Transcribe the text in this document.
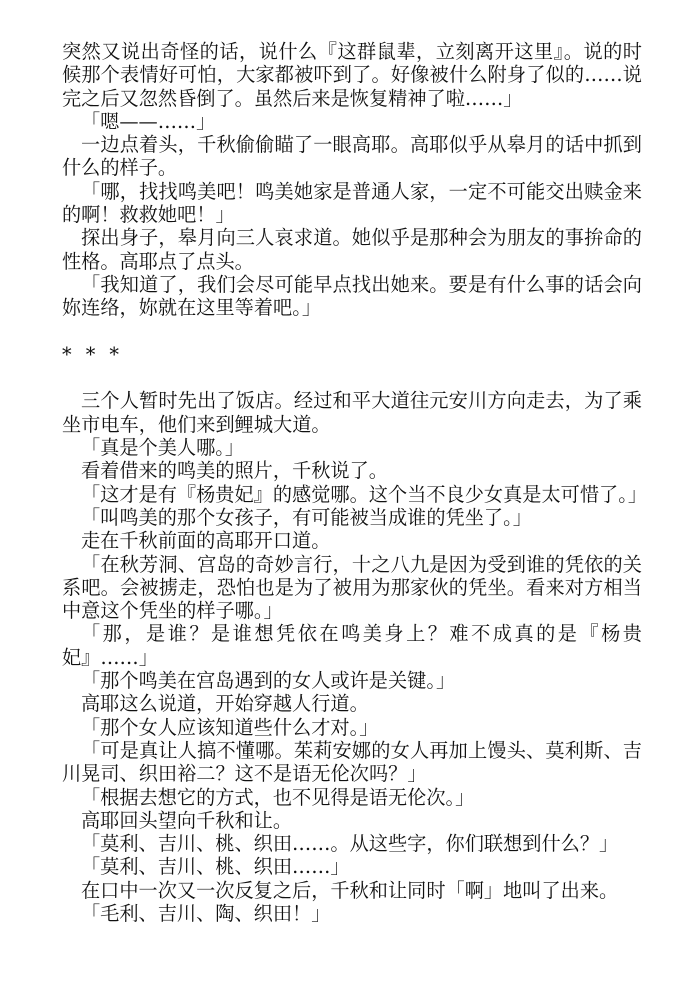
突然又说出奇怪的话，说什么『这群鼠辈，立刻离开这里』。说的时候那个表情好可怕，大家都被吓到了。好像被什么附身了似的……说完之后又忽然昏倒了。虽然后来是恢复精神了啦……」

「嗯——……」

一边点着头，千秋偷偷瞄了一眼高耶。高耶似乎从皋月的话中抓到什么的样子。

「哪，找找鸣美吧！鸣美她家是普通人家，一定不可能交出赎金来的啊！救救她吧！」

探出身子，皋月向三人哀求道。她似乎是那种会为朋友的事拚命的性格。高耶点了点头。

「我知道了，我们会尽可能早点找出她来。要是有什么事的话会向妳连络，妳就在这里等着吧。」

* * *

三个人暂时先出了饭店。经过和平大道往元安川方向走去，为了乘坐市电车，他们来到鲤城大道。

「真是个美人哪。」

看着借来的鸣美的照片，千秋说了。

「这才是有『杨贵妃』的感觉哪。这个当不良少女真是太可惜了。」

「叫鸣美的那个女孩子，有可能被当成谁的凭坐了。」

走在千秋前面的高耶开口道。

「在秋芳洞、宫岛的奇妙言行，十之八九是因为受到谁的凭依的关系吧。会被掳走，恐怕也是为了被用为那家伙的凭坐。看来对方相当中意这个凭坐的样子哪。」

「那，是谁？是谁想凭依在鸣美身上？难不成真的是『杨贵妃』……」

「那个鸣美在宫岛遇到的女人或许是关键。」

高耶这么说道，开始穿越人行道。

「那个女人应该知道些什么才对。」

「可是真让人搞不懂哪。茱莉安娜的女人再加上馒头、莫利斯、吉川晃司、织田裕二？这不是语无伦次吗？」

「根据去想它的方式，也不见得是语无伦次。」

高耶回头望向千秋和让。

「莫利、吉川、桃、织田……。从这些字，你们联想到什么？」

「莫利、吉川、桃、织田……」

在口中一次又一次反复之后，千秋和让同时「啊」地叫了出来。

「毛利、吉川、陶、织田！」
